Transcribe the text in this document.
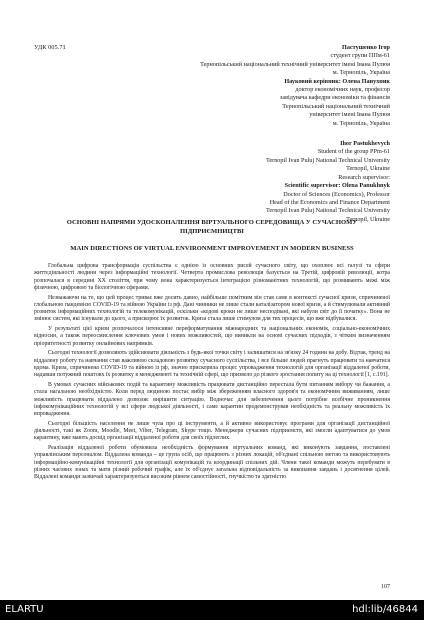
УДК 005.71	Пастушенко Ігор
студент групи ППм-61
Тернопільський національний технічний університет імені Івана Пулюя
м. Тернопіль, Україна
Науковий керівник: Олена Панухник
доктор економічних наук, професор
завідувача кафедри економіки та фінансів
Тернопільський національний технічний
університет імені Івана Пулюя
м. Тернопіль, Україна
Ihor Pastukhevych
Student of the group PPm-61
Ternopil Ivan Puluj National Technical University
Ternopil, Ukraine
Research supervisor:
Scientific supervisor: Olena Panukhnyk
Doctor of Sciences (Economics), Professor
Head of the Economics and Finance Department
Ternopil Ivan Puluj National Technical University
Ternopil, Ukraine
ОСНОВНІ НАПРЯМИ УДОСКОНАЛЕННЯ ВІРТУАЛЬНОГО СЕРЕДОВИЩА У СУЧАСНОМУ ПІДПРИЄМНИЦТВІ
MAIN DIRECTIONS OF VIRTUAL ENVIRONMENT IMPROVEMENT IN MODERN BUSINESS

Глобальна цифрова трансформація суспільства є однією із основних рисей сучасного світу, що охоплює всі галузі та сфери життєдіяльності людини через інформаційні технології. Четверта промислова революція базується на Третій, цифровій революції, котра розпочалася в середині ХХ століття, при чому вона характеризується інтеграцією різноманітних технологій, що розмивають межі між фізичною, цифровою та біологічною сферами.

Незважаючи на те, що цей процес триває вже досить давно, найбільше помітним він став саме в контексті сучасної кризи, спричиненої глобальною пандемією COVID-19 та війною України із рф. Дані чинники не лише стали каталізатором нової кризи, а й стимулювали активний розвиток інформаційних технологій та телекомунікацій, оскільки «кодові кроки не лише несподівані, які набули світ до її початку». Вона не змінює систем, які існували до цього, а прискорює їх розвиток. Криза стала лише стимулом для тих процесів, що вже відбувалися.

У результаті цієї кризи розпочалося інтенсивне переформатування міжнародних та національних економік, соціально-економічних відносин, а також переосмислення ключових умов і нових можливостей, що виникли на основі сучасних підходів, з чітким визначенням пріоритетності розвитку онлайнових напрямків.

Сьогодні технології дозволяють здійснювати діяльність з будь-якої точки світу і залишатися на зв'язку 24 години на добу. Відтак, тренд на віддалену роботу та навчання став важливою складовою розвитку сучасного суспільства, і все більше людей прагнуть працювати та навчатися вдома. Криза, спричинена COVID-19 та війною із рф, значно прискорила процес упровадження технологій для організації віддаленої роботи, надавши потужний поштовх їх розвитку в менеджменті та технічній сфері, що призвело до різкого зростання попиту на ці технології [1, с.191].

В умовах сучасних військових подій та карантину можливість працювати дистанційно перестала бути питанням вибору чи бажання, а стала нагальною необхідністю. Коли перед людиною постає вибір між збереженням власного здоров'я та економічним виживанням, лише можливість працювати віддалено дозволяє вирішити ситуацію. Водночас для забезпечення цього потрібне всебічне проникнення інфокомунікаційних технологій у всі сфери людської діяльності, і саме карантин продемонстрував необхідність та реальну можливість їх впровадження.

Сьогодні більшість населення не лише чула про ці інструменти, а й активно використовує програми для організації дистанційної діяльності, такі як Zoom, Moodle, Meet, Viber, Telegram, Skype тощо. Менеджери сучасних підприємств, які змогли адаптуватися до умов карантину, вже мають досвід організації віддаленої роботи для своїх підлеглих.

Реалізація віддаленої роботи обумовила необхідність формування віртуальних команд, які виконують завдання, поставлені управлінським персоналом. Віддалена команда – це група осіб, що працюють з різних локацій, об'єднані спільною метою та використовують інформаційно-комунікаційні технології для організації комунікацій та координації спільних дій. Члени такої команди можуть перебувати в різних часових зонах та мати різний робочий графік, але їх об'єднує загальна відповідальність за виконання завдань і досягнення цілей. Віддалені команди зазвичай характеризуються високим рівнем самостійності, гнучкістю та здатністю

107
ELARTU	hdl:lib/46844
